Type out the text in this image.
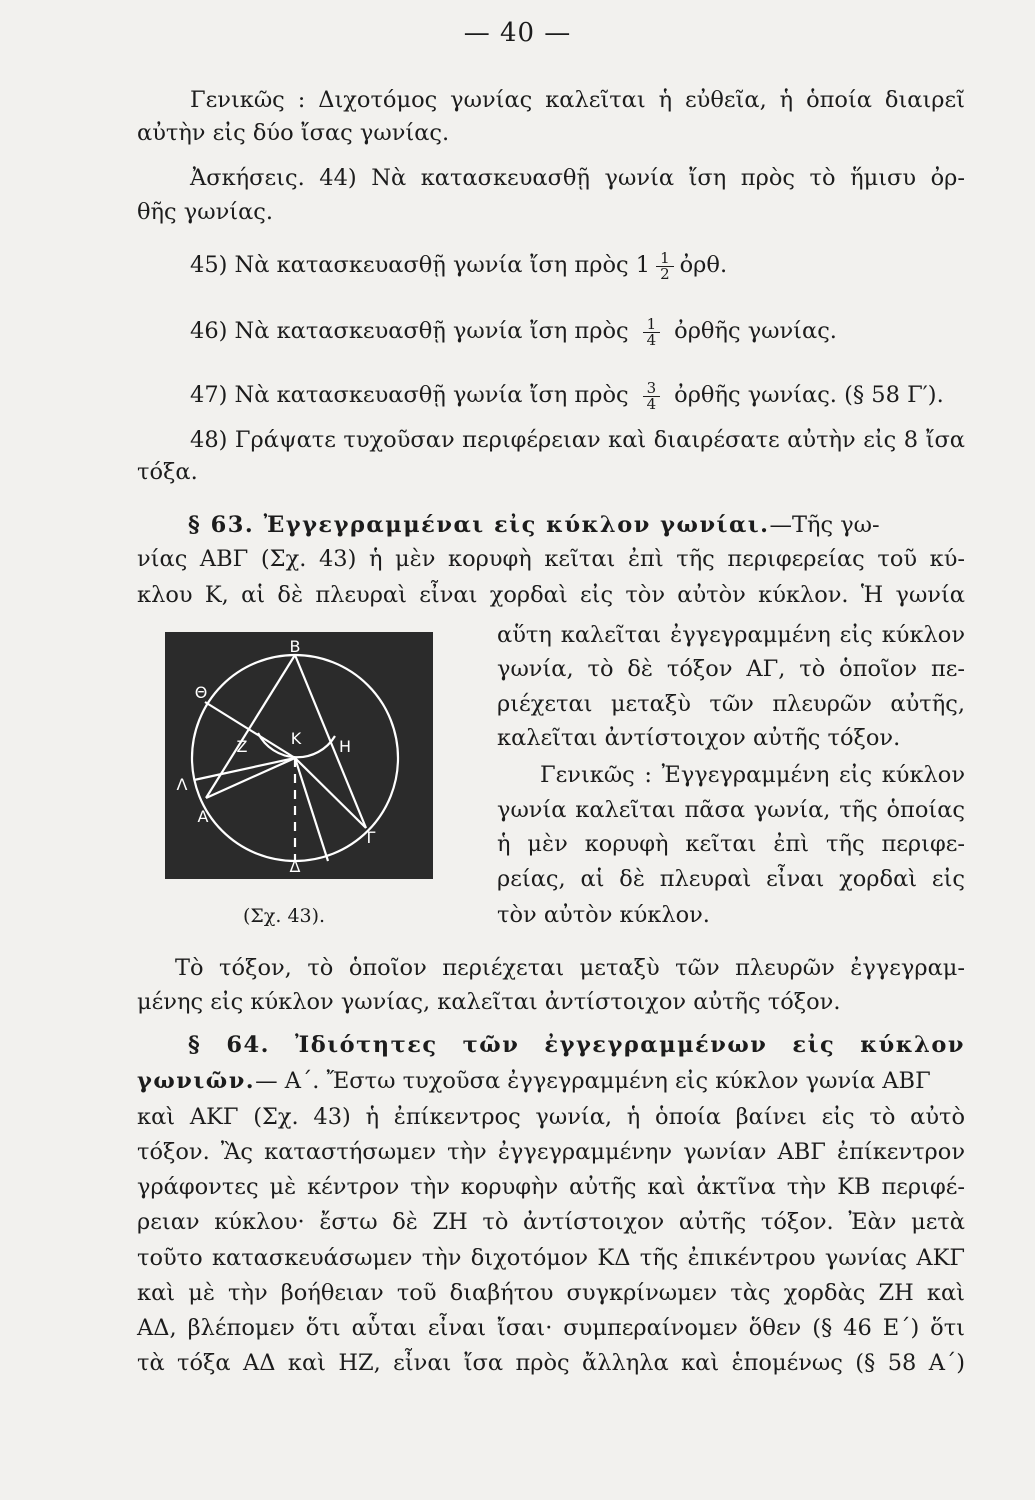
— 40 —
Γενικῶς : Διχοτόμος γωνίας καλεῖται ἡ εὐθεῖα, ἡ ὁποία διαιρεῖ
αὐτὴν εἰς δύο ἴσας γωνίας.
Ἀσκήσεις. 44) Νὰ κατασκευασθῇ γωνία ἴση πρὸς τὸ ἥμισυ ὀρ-
θῆς γωνίας.
45) Νὰ κατασκευασθῇ γωνία ἴση πρὸς $1 \frac{1}{2}$ ὀρθ.
46) Νὰ κατασκευασθῇ γωνία ἴση πρὸς $\frac{1}{4}$ ὀρθῆς γωνίας.
47) Νὰ κατασκευασθῇ γωνία ἴση πρὸς $\frac{3}{4}$ ὀρθῆς γωνίας. (§ 58 Γ′).
48) Γράψατε τυχοῦσαν περιφέρειαν καὶ διαιρέσατε αὐτὴν εἰς 8 ἴσα
τόξα.
§ 63. Ἐγγεγραμμέναι εἰς κύκλον γωνίαι.—Τῆς γω-
νίας ΑΒΓ (Σχ. 43) ἡ μὲν κορυφὴ κεῖται ἐπὶ τῆς περιφερείας τοῦ κύ-
κλου Κ, αἱ δὲ πλευραὶ εἶναι χορδαὶ εἰς τὸν αὐτὸν κύκλον. Ἡ γωνία
αὕτη καλεῖται ἐγγεγραμμένη εἰς κύκλον
γωνία, τὸ δὲ τόξον ΑΓ, τὸ ὁποῖον πε-
ριέχεται μεταξὺ τῶν πλευρῶν αὐτῆς,
καλεῖται ἀντίστοιχον αὐτῆς τόξον.
Γενικῶς : Ἐγγεγραμμένη εἰς κύκλον
γωνία καλεῖται πᾶσα γωνία, τῆς ὁποίας
ἡ μὲν κορυφὴ κεῖται ἐπὶ τῆς περιφε-
ρείας, αἱ δὲ πλευραὶ εἶναι χορδαὶ εἰς
τὸν αὐτὸν κύκλον.
Β
Θ
Ζ	Κ Η
Λ
Α
Γ
Δ
(Σχ. 43).
Τὸ τόξον, τὸ ὁποῖον περιέχεται μεταξὺ τῶν πλευρῶν ἐγγεγραμ-
μένης εἰς κύκλον γωνίας, καλεῖται ἀντίστοιχον αὐτῆς τόξον.
§ 64. Ἰδιότητες τῶν ἐγγεγραμμένων εἰς κύκλον
γωνιῶν.— Α΄. Ἔστω τυχοῦσα ἐγγεγραμμένη εἰς κύκλον γωνία ΑΒΓ
καὶ ΑΚΓ (Σχ. 43) ἡ ἐπίκεντρος γωνία, ἡ ὁποία βαίνει εἰς τὸ αὐτὸ
τόξον. Ἂς καταστήσωμεν τὴν ἐγγεγραμμένην γωνίαν ΑΒΓ ἐπίκεντρον
γράφοντες μὲ κέντρον τὴν κορυφὴν αὐτῆς καὶ ἀκτῖνα τὴν ΚΒ περιφέ-
ρειαν κύκλου· ἔστω δὲ ΖΗ τὸ ἀντίστοιχον αὐτῆς τόξον. Ἐὰν μετὰ
τοῦτο κατασκευάσωμεν τὴν διχοτόμον ΚΔ τῆς ἐπικέντρου γωνίας ΑΚΓ
καὶ μὲ τὴν βοήθειαν τοῦ διαβήτου συγκρίνωμεν τὰς χορδὰς ΖΗ καὶ
ΑΔ, βλέπομεν ὅτι αὗται εἶναι ἴσαι· συμπεραίνομεν ὅθεν (§ 46 Ε΄) ὅτι
τὰ τόξα ΑΔ καὶ ΗΖ, εἶναι ἴσα πρὸς ἄλληλα καὶ ἑπομένως (§ 58 Α΄)
